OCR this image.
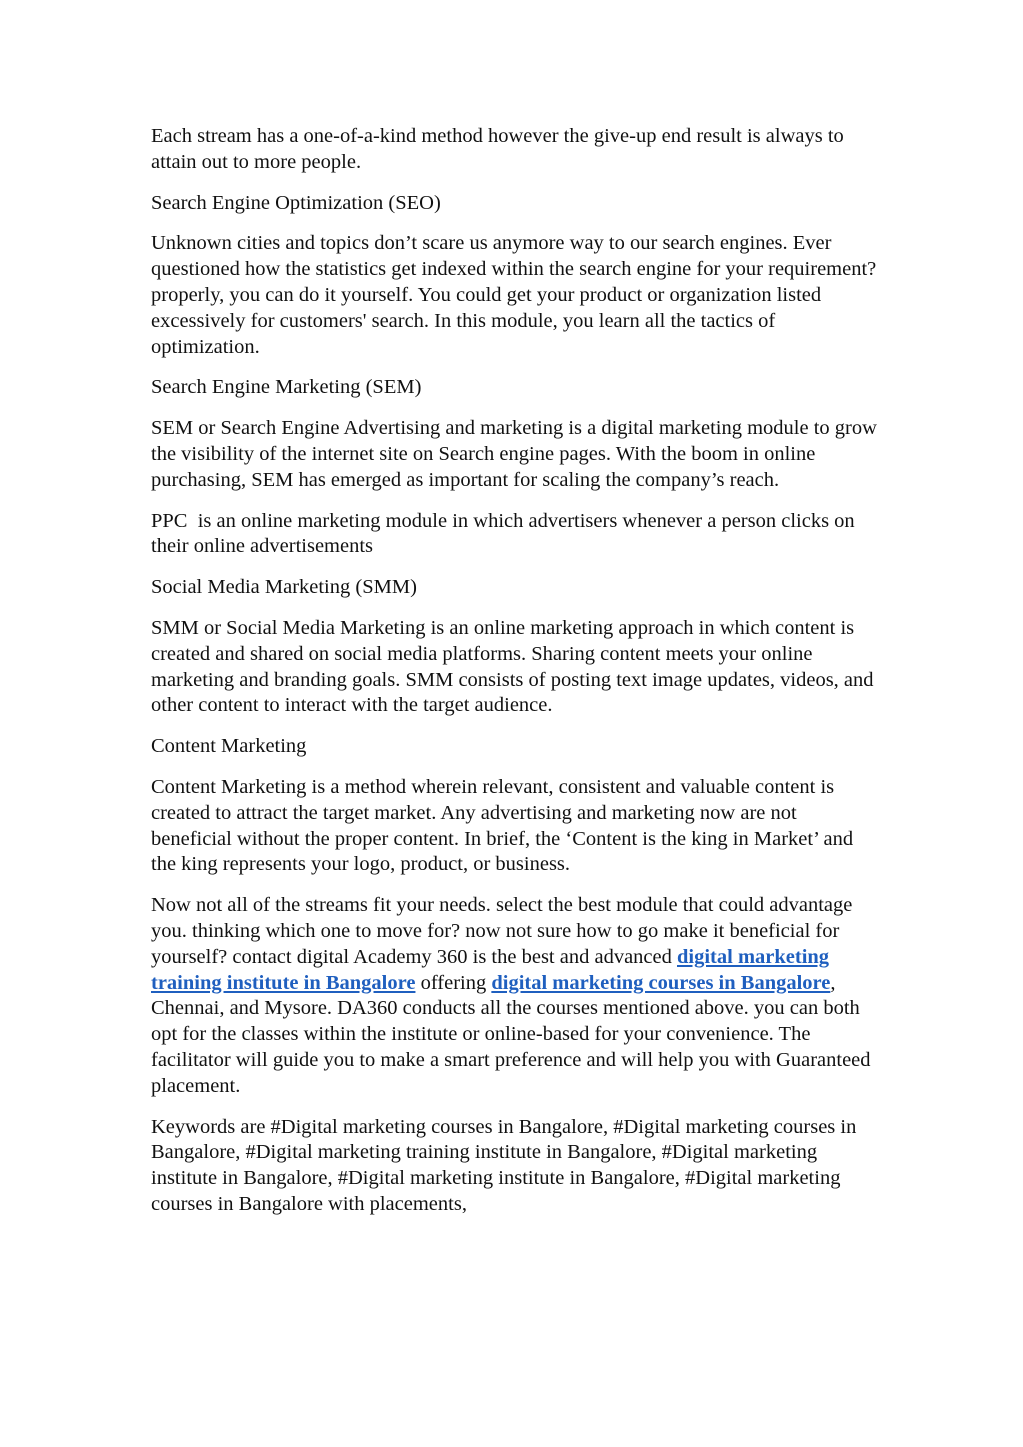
Each stream has a one-of-a-kind method however the give-up end result is always to attain out to more people.

Search Engine Optimization (SEO)

Unknown cities and topics don’t scare us anymore way to our search engines. Ever questioned how the statistics get indexed within the search engine for your requirement? properly, you can do it yourself. You could get your product or organization listed excessively for customers' search. In this module, you learn all the tactics of optimization.

Search Engine Marketing (SEM)

SEM or Search Engine Advertising and marketing is a digital marketing module to grow the visibility of the internet site on Search engine pages. With the boom in online purchasing, SEM has emerged as important for scaling the company’s reach.

PPC  is an online marketing module in which advertisers whenever a person clicks on their online advertisements

Social Media Marketing (SMM)

SMM or Social Media Marketing is an online marketing approach in which content is created and shared on social media platforms. Sharing content meets your online marketing and branding goals. SMM consists of posting text image updates, videos, and other content to interact with the target audience.

Content Marketing

Content Marketing is a method wherein relevant, consistent and valuable content is created to attract the target market. Any advertising and marketing now are not beneficial without the proper content. In brief, the ‘Content is the king in Market’ and the king represents your logo, product, or business.

Now not all of the streams fit your needs. select the best module that could advantage you. thinking which one to move for? now not sure how to go make it beneficial for yourself? contact digital Academy 360 is the best and advanced digital marketing training institute in Bangalore offering digital marketing courses in Bangalore, Chennai, and Mysore. DA360 conducts all the courses mentioned above. you can both opt for the classes within the institute or online-based for your convenience. The facilitator will guide you to make a smart preference and will help you with Guaranteed placement.

Keywords are #Digital marketing courses in Bangalore, #Digital marketing courses in Bangalore, #Digital marketing training institute in Bangalore, #Digital marketing institute in Bangalore, #Digital marketing institute in Bangalore, #Digital marketing courses in Bangalore with placements,
